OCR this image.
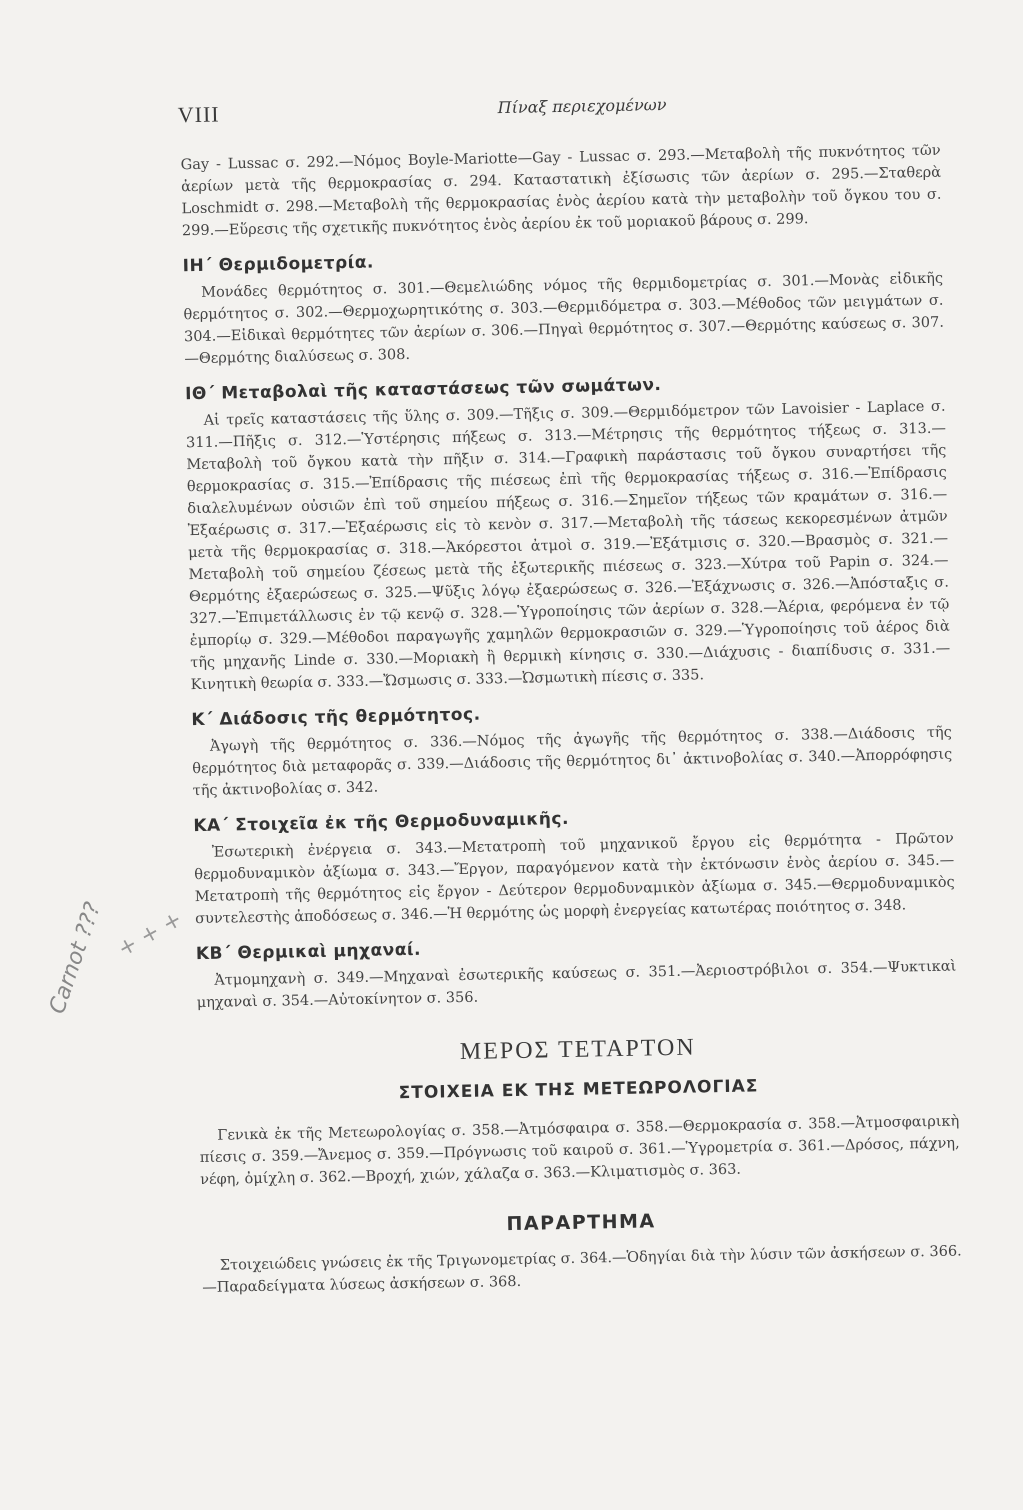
VIII	Πίναξ περιεχομένων

Gay - Lussac σ. 292.—Νόμος Boyle-Mariotte—Gay - Lussac σ. 293.—Μεταβολὴ τῆς πυκνότητος τῶν ἀερίων μετὰ τῆς θερμοκρασίας σ. 294. Καταστατικὴ ἐξίσωσις τῶν ἀερίων σ. 295.—Σταθερὰ Loschmidt σ. 298.—Μεταβολὴ τῆς θερμοκρασίας ἑνὸς ἀερίου κατὰ τὴν μεταβολὴν τοῦ ὄγκου του σ. 299.—Εὕρεσις τῆς σχετικῆς πυκνότητος ἑνὸς ἀερίου ἐκ τοῦ μοριακοῦ βάρους σ. 299.

ΙΗ΄ Θερμιδομετρία.

Μονάδες θερμότητος σ. 301.—Θεμελιώδης νόμος τῆς θερμιδομετρίας σ. 301.—Μονὰς εἰδικῆς θερμότητος σ. 302.—Θερμοχωρητικότης σ. 303.—Θερμιδόμετρα σ. 303.—Μέθοδος τῶν μειγμάτων σ. 304.—Εἰδικαὶ θερμότητες τῶν ἀερίων σ. 306.—Πηγαὶ θερμότητος σ. 307.—Θερμότης καύσεως σ. 307.—Θερμότης διαλύσεως σ. 308.

ΙΘ΄ Μεταβολαὶ τῆς καταστάσεως τῶν σωμάτων.

Αἱ τρεῖς καταστάσεις τῆς ὕλης σ. 309.—Τῆξις σ. 309.—Θερμιδόμετρον τῶν Lavoisier - Laplace σ. 311.—Πῆξις σ. 312.—Ὑστέρησις πήξεως σ. 313.—Μέτρησις τῆς θερμότητος τήξεως σ. 313.—Μεταβολὴ τοῦ ὄγκου κατὰ τὴν πῆξιν σ. 314.—Γραφικὴ παράστασις τοῦ ὄγκου συναρτήσει τῆς θερμοκρασίας σ. 315.—Ἐπίδρασις τῆς πιέσεως ἐπὶ τῆς θερμοκρασίας τήξεως σ. 316.—Ἐπίδρασις διαλελυμένων οὐσιῶν ἐπὶ τοῦ σημείου πήξεως σ. 316.—Σημεῖον τήξεως τῶν κραμάτων σ. 316.—Ἐξαέρωσις σ. 317.—Ἐξαέρωσις εἰς τὸ κενὸν σ. 317.—Μεταβολὴ τῆς τάσεως κεκορεσμένων ἀτμῶν μετὰ τῆς θερμοκρασίας σ. 318.—Ἀκόρεστοι ἀτμοὶ σ. 319.—Ἐξάτμισις σ. 320.—Βρασμὸς σ. 321.—Μεταβολὴ τοῦ σημείου ζέσεως μετὰ τῆς ἐξωτερικῆς πιέσεως σ. 323.—Χύτρα τοῦ Papin σ. 324.—Θερμότης ἐξαερώσεως σ. 325.—Ψῦξις λόγῳ ἐξαερώσεως σ. 326.—Ἐξάχνωσις σ. 326.—Ἀπόσταξις σ. 327.—Ἐπιμετάλλωσις ἐν τῷ κενῷ σ. 328.—Ὑγροποίησις τῶν ἀερίων σ. 328.—Ἀέρια, φερόμενα ἐν τῷ ἐμπορίῳ σ. 329.—Μέθοδοι παραγωγῆς χαμηλῶν θερμοκρασιῶν σ. 329.—Ὑγροποίησις τοῦ ἀέρος διὰ τῆς μηχανῆς Linde σ. 330.—Μοριακὴ ἢ θερμικὴ κίνησις σ. 330.—Διάχυσις - διαπίδυσις σ. 331.—Κινητικὴ θεωρία σ. 333.—Ὤσμωσις σ. 333.—Ὠσμωτικὴ πίεσις σ. 335.

Κ΄ Διάδοσις τῆς θερμότητος.

Ἀγωγὴ τῆς θερμότητος σ. 336.—Νόμος τῆς ἀγωγῆς τῆς θερμότητος σ. 338.—Διάδοσις τῆς θερμότητος διὰ μεταφορᾶς σ. 339.—Διάδοσις τῆς θερμότητος δι᾿ ἀκτινοβολίας σ. 340.—Ἀπορρόφησις τῆς ἀκτινοβολίας σ. 342.

ΚΑ΄ Στοιχεῖα ἐκ τῆς Θερμοδυναμικῆς.

Ἐσωτερικὴ ἐνέργεια σ. 343.—Μετατροπὴ τοῦ μηχανικοῦ ἔργου εἰς θερμότητα - Πρῶτον θερμοδυναμικὸν ἀξίωμα σ. 343.—Ἔργον, παραγόμενον κατὰ τὴν ἐκτόνωσιν ἑνὸς ἀερίου σ. 345.—Μετατροπὴ τῆς θερμότητος εἰς ἔργον - Δεύτερον θερμοδυναμικὸν ἀξίωμα σ. 345.—Θερμοδυναμικὸς συντελεστὴς ἀποδόσεως σ. 346.—Ἡ θερμότης ὡς μορφὴ ἐνεργείας κατωτέρας ποιότητος σ. 348.

ΚΒ΄ Θερμικαὶ μηχαναί.

Ἀτμομηχανὴ σ. 349.—Μηχαναὶ ἐσωτερικῆς καύσεως σ. 351.—Ἀεριοστρόβιλοι σ. 354.—Ψυκτικαὶ μηχαναὶ σ. 354.—Αὐτοκίνητον σ. 356.

ΜΕΡΟΣ ΤΕΤΑΡΤΟΝ
ΣΤΟΙΧΕΙΑ ΕΚ ΤΗΣ ΜΕΤΕΩΡΟΛΟΓΙΑΣ

Γενικὰ ἐκ τῆς Μετεωρολογίας σ. 358.—Ἀτμόσφαιρα σ. 358.—Θερμοκρασία σ. 358.—Ἀτμοσφαιρικὴ πίεσις σ. 359.—Ἄνεμος σ. 359.—Πρόγνωσις τοῦ καιροῦ σ. 361.—Ὑγρομετρία σ. 361.—Δρόσος, πάχνη, νέφη, ὀμίχλη σ. 362.—Βροχή, χιών, χάλαζα σ. 363.—Κλιματισμὸς σ. 363.

ΠΑΡΑΡΤΗΜΑ

Στοιχειώδεις γνώσεις ἐκ τῆς Τριγωνομετρίας σ. 364.—Ὁδηγίαι διὰ τὴν λύσιν τῶν ἀσκήσεων σ. 366.—Παραδείγματα λύσεως ἀσκήσεων σ. 368.

+ + +
Carnot ???
